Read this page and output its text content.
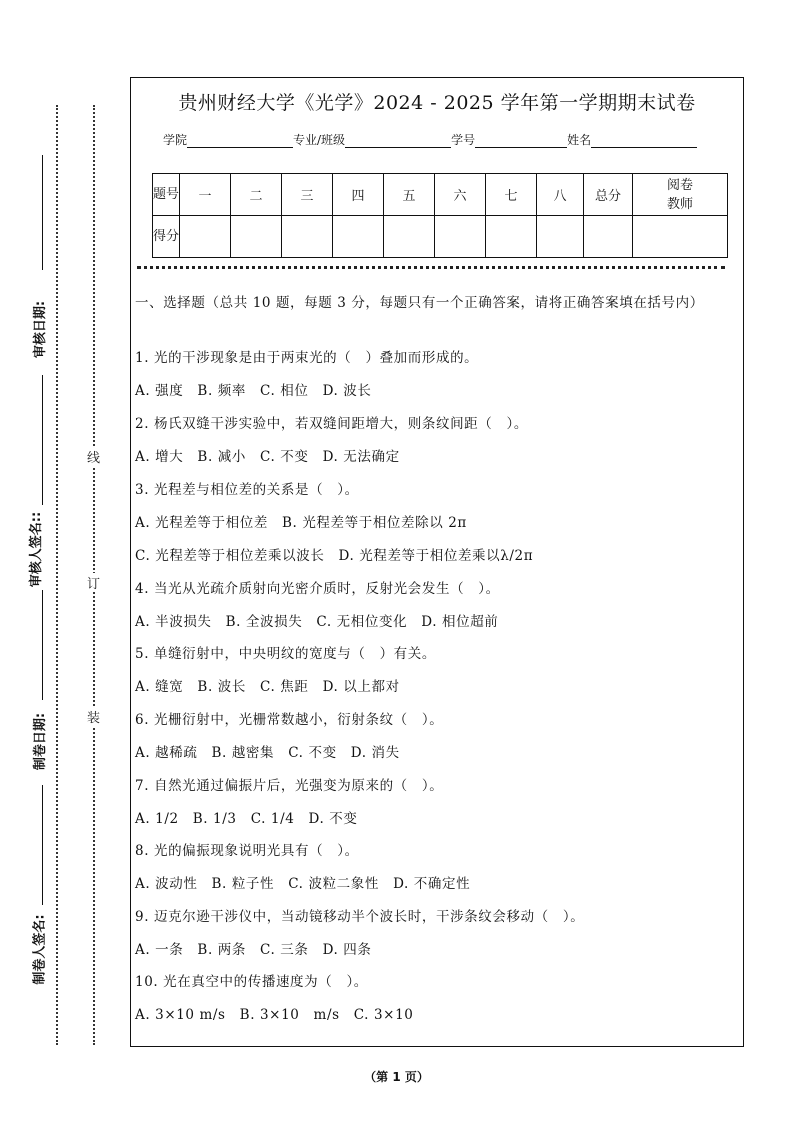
审核日期:
审核人签名::
制卷日期:
制卷人签名:
线
订
装
贵州财经大学《光学》2024 - 2025 学年第一学期期末试卷
学院	专业/班级	学号	姓名
题号	一	二	三	四	五	六	七	八	总分	阅卷教师

得分										
一、选择题（总共 10 题，每题 3 分，每题只有一个正确答案，请将正确答案填在括号内）
1. 光的干涉现象是由于两束光的（　）叠加而形成的。
A. 强度　B. 频率　C. 相位　D. 波长
2. 杨氏双缝干涉实验中，若双缝间距增大，则条纹间距（　）。
A. 增大　B. 减小　C. 不变　D. 无法确定
3. 光程差与相位差的关系是（　）。
A. 光程差等于相位差　B. 光程差等于相位差除以 2π
C. 光程差等于相位差乘以波长　D. 光程差等于相位差乘以λ/2π
4. 当光从光疏介质射向光密介质时，反射光会发生（　）。
A. 半波损失　B. 全波损失　C. 无相位变化　D. 相位超前
5. 单缝衍射中，中央明纹的宽度与（　）有关。
A. 缝宽　B. 波长　C. 焦距　D. 以上都对
6. 光栅衍射中，光栅常数越小，衍射条纹（　）。
A. 越稀疏　B. 越密集　C. 不变　D. 消失
7. 自然光通过偏振片后，光强变为原来的（　）。
A. 1/2　B. 1/3　C. 1/4　D. 不变
8. 光的偏振现象说明光具有（　）。
A. 波动性　B. 粒子性　C. 波粒二象性　D. 不确定性
9. 迈克尔逊干涉仪中，当动镜移动半个波长时，干涉条纹会移动（　）。
A. 一条　B. 两条　C. 三条　D. 四条
10. 光在真空中的传播速度为（　）。
A. 3×10 m/s　B. 3×10　m/s　C. 3×10
（第 1 页）
